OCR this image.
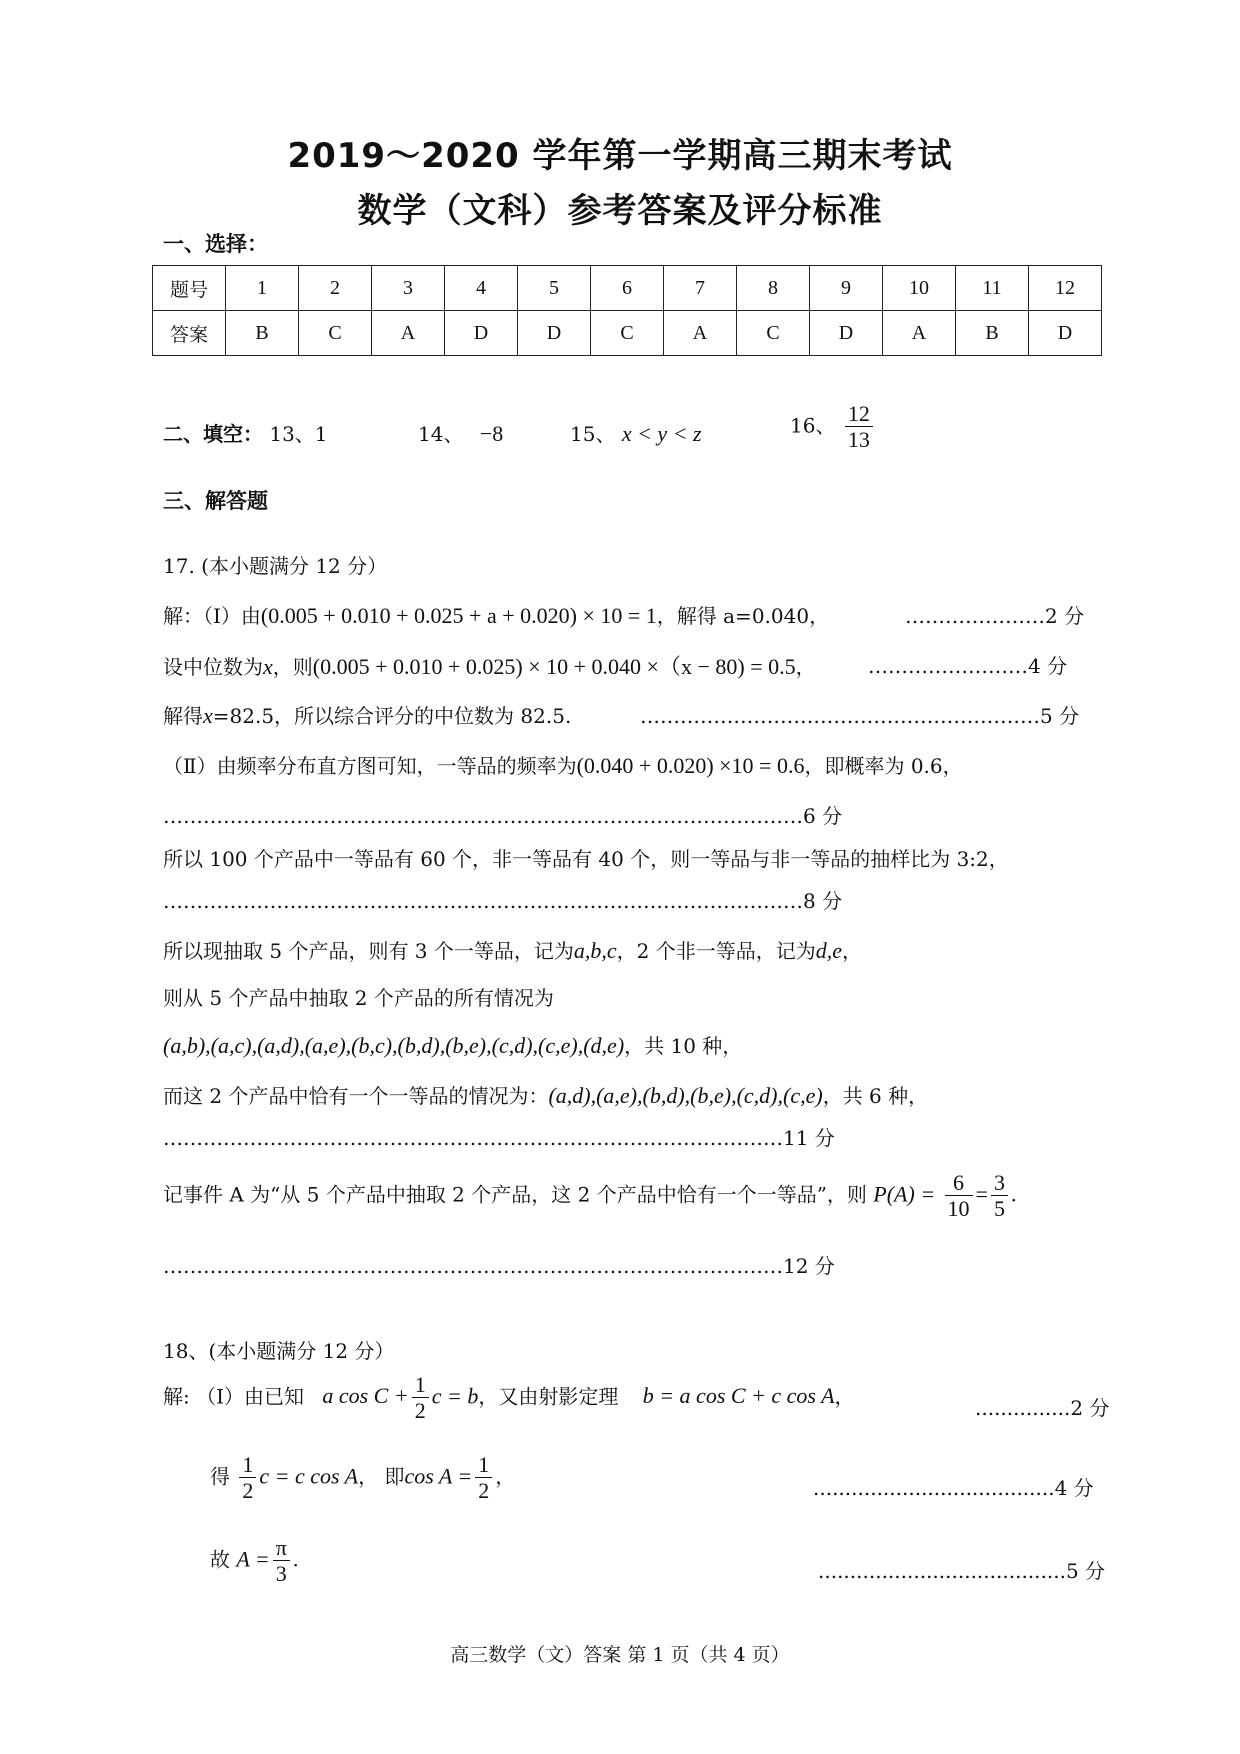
2019～2020 学年第一学期高三期末考试
数学（文科）参考答案及评分标准
一、选择：
题号	1	2	3	4	5	6	7	8	9	10	11	12
答案	B	C	A	D	D	C	A	C	D	A	B	D
二、填空： 13、1	14、 −8	15、 x < y < z	16、 $\frac{12}{13}$
三、解答题
17. (本小题满分 12 分）
解：（Ⅰ）由(0.005 + 0.010 + 0.025 + a + 0.020) × 10 = 1，解得 a=0.040，	…………………2 分
设中位数为x，则(0.005 + 0.010 + 0.025) × 10 + 0.040 ×（x − 80) = 0.5，	……………………4 分
解得x=82.5，所以综合评分的中位数为 82.5.	……………………………………………………5 分
（Ⅱ）由频率分布直方图可知，一等品的频率为(0.040 + 0.020) ×10 = 0.6，即概率为 0.6，
……………………………………………………………………………………6 分
所以 100 个产品中一等品有 60 个，非一等品有 40 个，则一等品与非一等品的抽样比为 3:2，
……………………………………………………………………………………8 分
所以现抽取 5 个产品，则有 3 个一等品，记为a,b,c，2 个非一等品，记为d,e，
则从 5 个产品中抽取 2 个产品的所有情况为
(a,b),(a,c),(a,d),(a,e),(b,c),(b,d),(b,e),(c,d),(c,e),(d,e)，共 10 种，
而这 2 个产品中恰有一个一等品的情况为：(a,d),(a,e),(b,d),(b,e),(c,d),(c,e)，共 6 种，
…………………………………………………………………………………11 分
记事件 A 为“从 5 个产品中抽取 2 个产品，这 2 个产品中恰有一个一等品”，则 $P(A) = \frac{6}{10} = \frac{3}{5}$ .
…………………………………………………………………………………12 分
18、(本小题满分 12 分）
解: （Ⅰ）由已知 a $\cos C + \frac{1}{2}$ c = b，又由射影定理 b = a cos C + c cos A，	...............2 分
得 $\frac{1}{2}$ c = c cos A， 即$\cos A = \frac{1}{2}$ ，	......................................4 分
故 $A = \frac{\pi}{3}$ .	.......................................5 分
高三数学（文）答案 第 1 页（共 4 页）
